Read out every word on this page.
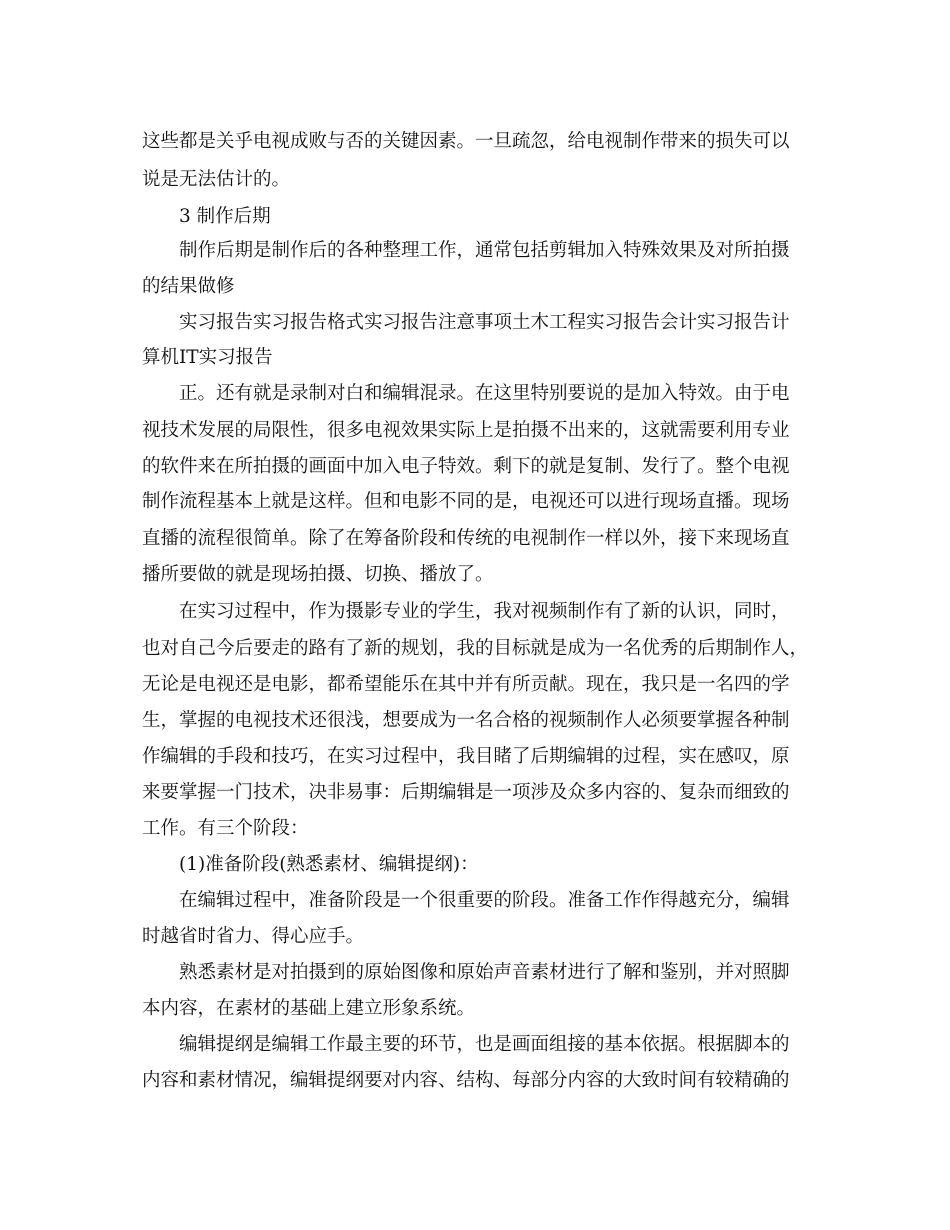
这些都是关乎电视成败与否的关键因素。一旦疏忽，给电视制作带来的损失可以
说是无法估计的。
3 制作后期
制作后期是制作后的各种整理工作，通常包括剪辑加入特殊效果及对所拍摄
的结果做修
实习报告实习报告格式实习报告注意事项土木工程实习报告会计实习报告计
算机IT实习报告
正。还有就是录制对白和编辑混录。在这里特别要说的是加入特效。由于电
视技术发展的局限性，很多电视效果实际上是拍摄不出来的，这就需要利用专业
的软件来在所拍摄的画面中加入电子特效。剩下的就是复制、发行了。整个电视
制作流程基本上就是这样。但和电影不同的是，电视还可以进行现场直播。现场
直播的流程很简单。除了在筹备阶段和传统的电视制作一样以外，接下来现场直
播所要做的就是现场拍摄、切换、播放了。
在实习过程中，作为摄影专业的学生，我对视频制作有了新的认识，同时，
也对自己今后要走的路有了新的规划，我的目标就是成为一名优秀的后期制作人，
无论是电视还是电影，都希望能乐在其中并有所贡献。现在，我只是一名四的学
生，掌握的电视技术还很浅，想要成为一名合格的视频制作人必须要掌握各种制
作编辑的手段和技巧，在实习过程中，我目睹了后期编辑的过程，实在感叹，原
来要掌握一门技术，决非易事：后期编辑是一项涉及众多内容的、复杂而细致的
工作。有三个阶段：
(1)准备阶段(熟悉素材、编辑提纲)：
在编辑过程中，准备阶段是一个很重要的阶段。准备工作作得越充分，编辑
时越省时省力、得心应手。
熟悉素材是对拍摄到的原始图像和原始声音素材进行了解和鉴别，并对照脚
本内容，在素材的基础上建立形象系统。
编辑提纲是编辑工作最主要的环节，也是画面组接的基本依据。根据脚本的
内容和素材情况，编辑提纲要对内容、结构、每部分内容的大致时间有较精确的
